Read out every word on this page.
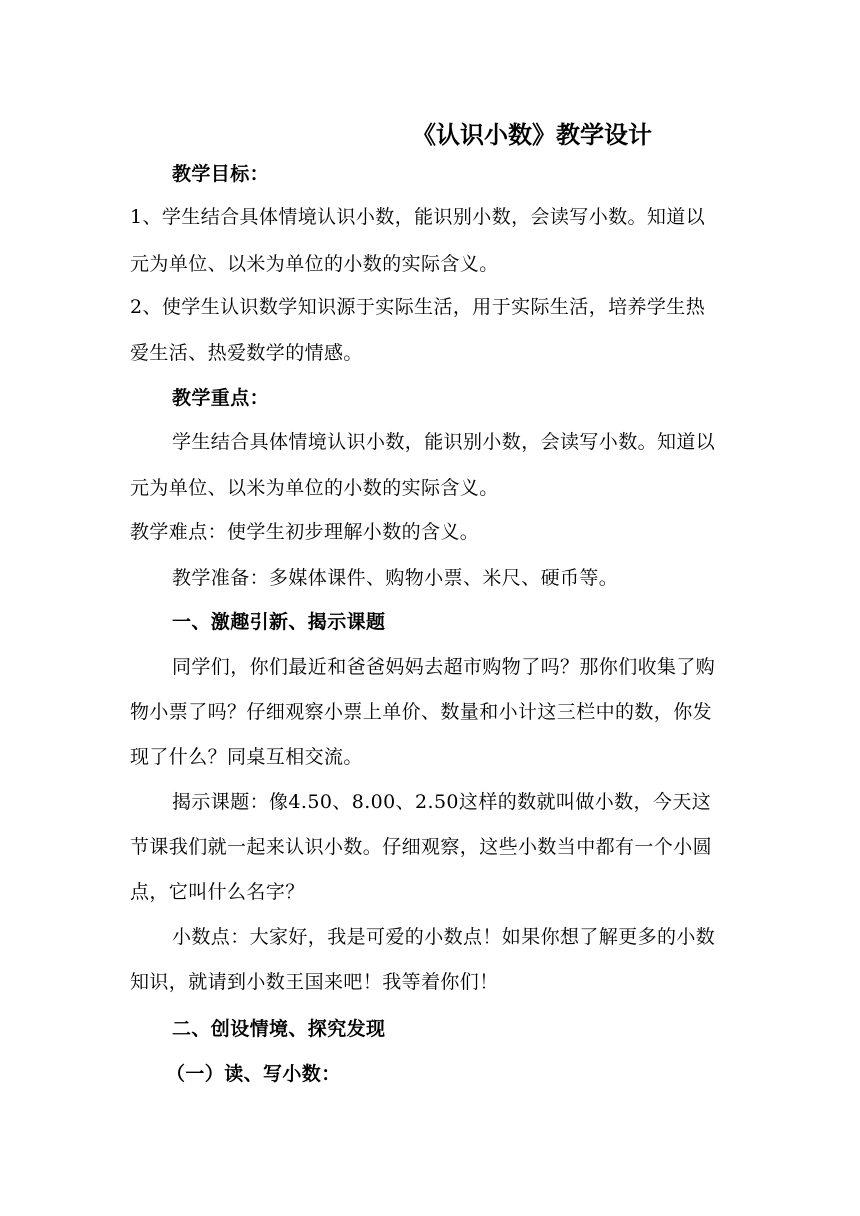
《认识小数》教学设计
教学目标：
1、学生结合具体情境认识小数，能识别小数，会读写小数。知道以
元为单位、以米为单位的小数的实际含义。
2、使学生认识数学知识源于实际生活，用于实际生活，培养学生热
爱生活、热爱数学的情感。
教学重点：
学生结合具体情境认识小数，能识别小数，会读写小数。知道以
元为单位、以米为单位的小数的实际含义。
教学难点：使学生初步理解小数的含义。
教学准备：多媒体课件、购物小票、米尺、硬币等。
一、激趣引新、揭示课题
同学们，你们最近和爸爸妈妈去超市购物了吗？那你们收集了购
物小票了吗？仔细观察小票上单价、数量和小计这三栏中的数，你发
现了什么？同桌互相交流。
揭示课题：像4.50、8.00、2.50这样的数就叫做小数，今天这
节课我们就一起来认识小数。仔细观察，这些小数当中都有一个小圆
点，它叫什么名字？
小数点：大家好，我是可爱的小数点！如果你想了解更多的小数
知识，就请到小数王国来吧！我等着你们！
二、创设情境、探究发现
（一）读、写小数：
